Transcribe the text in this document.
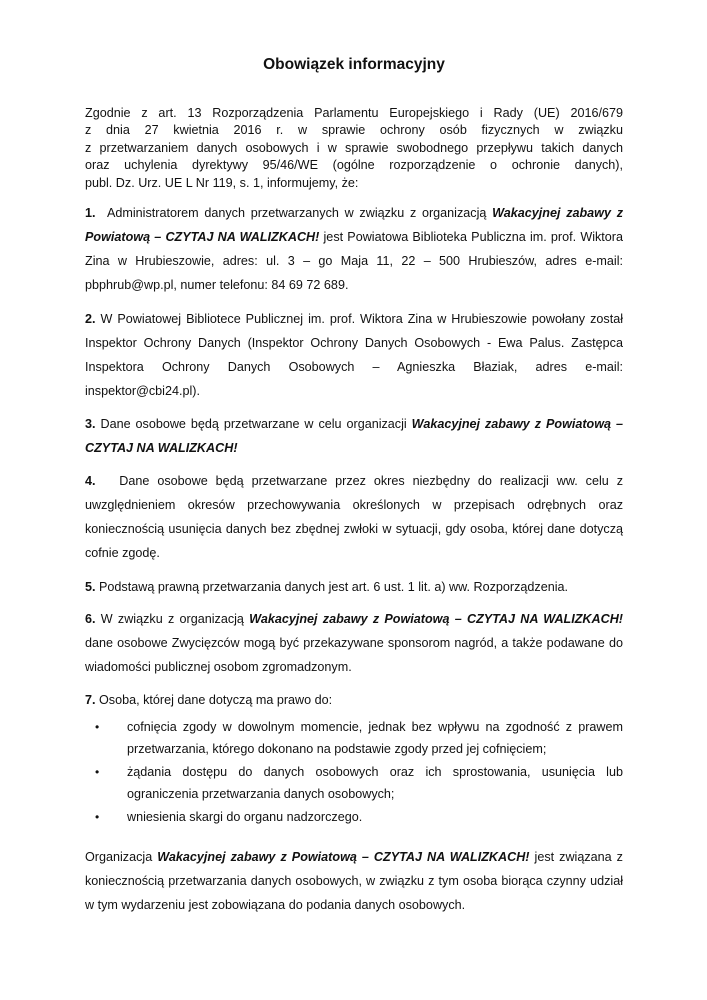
Obowiązek informacyjny
Zgodnie z art. 13 Rozporządzenia Parlamentu Europejskiego i Rady (UE) 2016/679
z dnia 27 kwietnia 2016 r. w sprawie ochrony osób fizycznych w związku
z przetwarzaniem danych osobowych i w sprawie swobodnego przepływu takich danych
oraz uchylenia dyrektywy 95/46/WE (ogólne rozporządzenie o ochronie danych),
publ. Dz. Urz. UE L Nr 119, s. 1, informujemy, że:
1. Administratorem danych przetwarzanych w związku z organizacją Wakacyjnej zabawy z Powiatową – CZYTAJ NA WALIZKACH! jest Powiatowa Biblioteka Publiczna im. prof. Wiktora Zina w Hrubieszowie, adres: ul. 3 – go Maja 11, 22 – 500 Hrubieszów, adres e-mail: pbphrub@wp.pl, numer telefonu: 84 69 72 689.
2. W Powiatowej Bibliotece Publicznej im. prof. Wiktora Zina w Hrubieszowie powołany został Inspektor Ochrony Danych (Inspektor Ochrony Danych Osobowych - Ewa Palus. Zastępca Inspektora Ochrony Danych Osobowych – Agnieszka Błaziak, adres e-mail: inspektor@cbi24.pl).
3. Dane osobowe będą przetwarzane w celu organizacji Wakacyjnej zabawy z Powiatową – CZYTAJ NA WALIZKACH!
4. Dane osobowe będą przetwarzane przez okres niezbędny do realizacji ww. celu z uwzględnieniem okresów przechowywania określonych w przepisach odrębnych oraz koniecznością usunięcia danych bez zbędnej zwłoki w sytuacji, gdy osoba, której dane dotyczą cofnie zgodę.
5. Podstawą prawną przetwarzania danych jest art. 6 ust. 1 lit. a) ww. Rozporządzenia.
6. W związku z organizacją Wakacyjnej zabawy z Powiatową – CZYTAJ NA WALIZKACH! dane osobowe Zwycięzców mogą być przekazywane sponsorom nagród, a także podawane do wiadomości publicznej osobom zgromadzonym.
7. Osoba, której dane dotyczą ma prawo do:
• cofnięcia zgody w dowolnym momencie, jednak bez wpływu na zgodność z prawem przetwarzania, którego dokonano na podstawie zgody przed jej cofnięciem;
• żądania dostępu do danych osobowych oraz ich sprostowania, usunięcia lub ograniczenia przetwarzania danych osobowych;
• wniesienia skargi do organu nadzorczego.
Organizacja Wakacyjnej zabawy z Powiatową – CZYTAJ NA WALIZKACH! jest związana z koniecznością przetwarzania danych osobowych, w związku z tym osoba biorąca czynny udział w tym wydarzeniu jest zobowiązana do podania danych osobowych.
